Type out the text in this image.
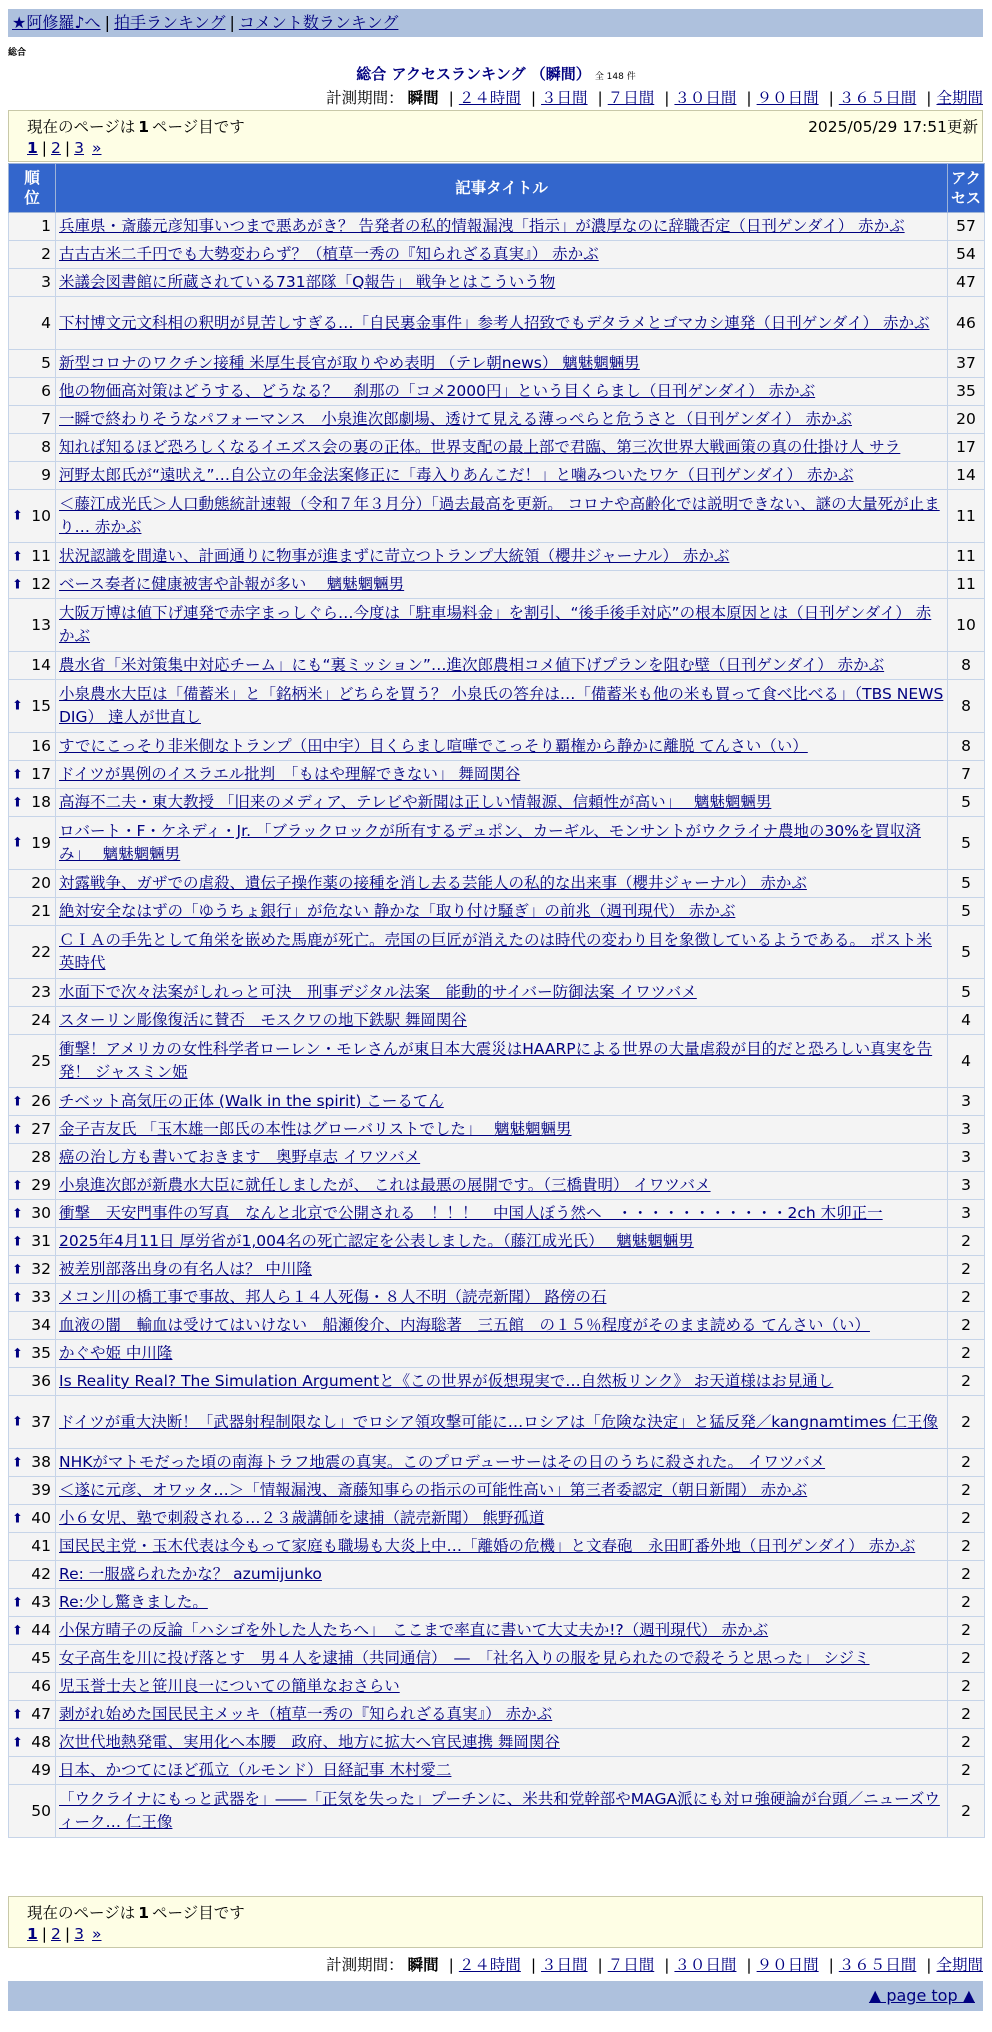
★阿修羅♪へ | 拍手ランキング | コメント数ランキング
総合
総合 アクセスランキング （瞬間） 全 148 件
計測期間： 瞬間 | ２４時間 | ３日間 | ７日間 | ３０日間 | ９０日間 | ３６５日間 | 全期間
現在のページは 1 ページ目です	2025/05/29 17:51更新
1 | 2 | 3 »
順位	記事タイトル	アクセス
1	兵庫県・斎藤元彦知事いつまで悪あがき？ 告発者の私的情報漏洩「指示」が濃厚なのに辞職否定（日刊ゲンダイ） 赤かぶ	57
2	古古古米二千円でも大勢変わらず？（植草一秀の『知られざる真実』） 赤かぶ	54
3	米議会図書館に所蔵されている731部隊「Q報告」 戦争とはこういう物	47
4	下村博文元文科相の釈明が見苦しすぎる…「自民裏金事件」参考人招致でもデタラメとゴマカシ連発（日刊ゲンダイ） 赤かぶ	46
5	新型コロナのワクチン接種 米厚生長官が取りやめ表明 （テレ朝news） 魑魅魍魎男	37
6	他の物価高対策はどうする、どうなる？　刹那の「コメ2000円」という目くらまし（日刊ゲンダイ） 赤かぶ	35
7	一瞬で終わりそうなパフォーマンス　小泉進次郎劇場、透けて見える薄っぺらと危うさと（日刊ゲンダイ） 赤かぶ	20
8	知れば知るほど恐ろしくなるイエズス会の裏の正体。世界支配の最上部で君臨、第三次世界大戦画策の真の仕掛け人 サラ	17
9	河野太郎氏が“遠吠え”…自公立の年金法案修正に「毒入りあんこだ！」と噛みついたワケ（日刊ゲンダイ） 赤かぶ	14

⬆ 10	＜藤江成光氏＞人口動態統計速報（令和７年３月分）「過去最高を更新。 コロナや高齢化では説明できない、謎の大量死が止まり… 赤かぶ	11

⬆ 11	状況認識を間違い、計画通りに物事が進まずに苛立つトランプ大統領（櫻井ジャーナル） 赤かぶ	11

⬆ 12	ベース奏者に健康被害や訃報が多い　 魑魅魍魎男	11
13	大阪万博は値下げ連発で赤字まっしぐら…今度は「駐車場料金」を割引、“後手後手対応”の根本原因とは（日刊ゲンダイ） 赤かぶ	10
14	農水省「米対策集中対応チーム」にも“裏ミッション”…進次郎農相コメ値下げプランを阻む壁（日刊ゲンダイ） 赤かぶ	8

⬆ 15	小泉農水大臣は「備蓄米」と「銘柄米」どちらを買う？ 小泉氏の答弁は…「備蓄米も他の米も買って食べ比べる」（TBS NEWS DIG） 達人が世直し	8
16	すでにこっそり非米側なトランプ（田中宇）目くらまし喧嘩でこっそり覇権から静かに離脱 てんさい（い）	8

⬆ 17	ドイツが異例のイスラエル批判　「もはや理解できない」 舞岡関谷	7

⬆ 18	高海不二夫・東大教授 「旧来のメディア、テレビや新聞は正しい情報源、信頼性が高い」　 魑魅魍魎男	5

⬆ 19	ロバート・F・ケネディ・Jr. 「ブラックロックが所有するデュポン、カーギル、モンサントがウクライナ農地の30%を買収済み」　 魑魅魍魎男	5
20	対露戦争、ガザでの虐殺、遺伝子操作薬の接種を消し去る芸能人の私的な出来事（櫻井ジャーナル） 赤かぶ	5
21	絶対安全なはずの「ゆうちょ銀行」が危ない 静かな「取り付け騒ぎ」の前兆（週刊現代） 赤かぶ	5
22	ＣＩＡの手先として角栄を嵌めた馬鹿が死亡。売国の巨匠が消えたのは時代の変わり目を象徴しているようである。 ポスト米英時代	5
23	水面下で次々法案がしれっと可決　刑事デジタル法案　能動的サイバー防御法案 イワツバメ	5
24	スターリン彫像復活に賛否　モスクワの地下鉄駅 舞岡関谷	4
25	衝撃！アメリカの女性科学者ローレン・モレさんが東日本大震災はHAARPによる世界の大量虐殺が目的だと恐ろしい真実を告発！ ジャスミン姫	4

⬆ 26	チベット高気圧の正体 (Walk in the spirit) こーるてん	3

⬆ 27	金子吉友氏 「玉木雄一郎氏の本性はグローバリストでした」　 魑魅魍魎男	3
28	癌の治し方も書いておきます　奥野卓志 イワツバメ	3

⬆ 29	小泉進次郎が新農水大臣に就任しましたが、 これは最悪の展開です。（三橋貴明） イワツバメ	3

⬆ 30	衝撃　天安門事件の写真　なんと北京で公開される　！！！　中国人ぼう然へ　・・・・・・・・・・・2ch 木卯正一	3

⬆ 31	2025年4月11日 厚労省が1,004名の死亡認定を公表しました。（藤江成光氏）　 魑魅魍魎男	2

⬆ 32	被差別部落出身の有名人は？ 中川隆	2

⬆ 33	メコン川の橋工事で事故、邦人ら１４人死傷・８人不明（読売新聞） 路傍の石	2
34	血液の闇　輸血は受けてはいけない　船瀬俊介、内海聡著　三五館　の１５％程度がそのまま読める てんさい（い）	2

⬆ 35	かぐや姫 中川隆	2
36	Is Reality Real? The Simulation Argumentと《この世界が仮想現実で…自然板リンク》 お天道様はお見通し	2

⬆ 37	ドイツが重大決断！「武器射程制限なし」でロシア領攻撃可能に…ロシアは「危険な決定」と猛反発／kangnamtimes 仁王像	2

⬆ 38	NHKがマトモだった頃の南海トラフ地震の真実。このプロデューサーはその日のうちに殺された。 イワツバメ	2
39	＜遂に元彦、オワッタ…＞「情報漏洩、斎藤知事らの指示の可能性高い」第三者委認定（朝日新聞） 赤かぶ	2

⬆ 40	小６女児、塾で刺殺される…２３歳講師を逮捕（読売新聞） 熊野孤道	2
41	国民民主党・玉木代表は今もって家庭も職場も大炎上中…「離婚の危機」と文春砲　永田町番外地（日刊ゲンダイ） 赤かぶ	2
42	Re: 一服盛られたかな？ azumijunko	2

⬆ 43	Re:少し驚きました。	2

⬆ 44	小保方晴子の反論「ハシゴを外した人たちへ」　ここまで率直に書いて大丈夫か!?（週刊現代） 赤かぶ	2
45	女子高生を川に投げ落とす　男４人を逮捕（共同通信）　―　「社名入りの服を見られたので殺そうと思った」 シジミ	2
46	児玉誉士夫と笹川良一についての簡単なおさらい	2

⬆ 47	剥がれ始めた国民民主メッキ（植草一秀の『知られざる真実』） 赤かぶ	2

⬆ 48	次世代地熱発電、実用化へ本腰　政府、地方に拡大へ官民連携 舞岡関谷	2
49	日本、かつてにほど孤立（ルモンド）日経記事 木村愛二	2
50	「ウクライナにもっと武器を」――「正気を失った」プーチンに、米共和党幹部やMAGA派にも対ロ強硬論が台頭／ニューズウィーク… 仁王像	2
現在のページは 1 ページ目です
1 | 2 | 3 »
計測期間： 瞬間 | ２４時間 | ３日間 | ７日間 | ３０日間 | ９０日間 | ３６５日間 | 全期間
▲ page top ▲
